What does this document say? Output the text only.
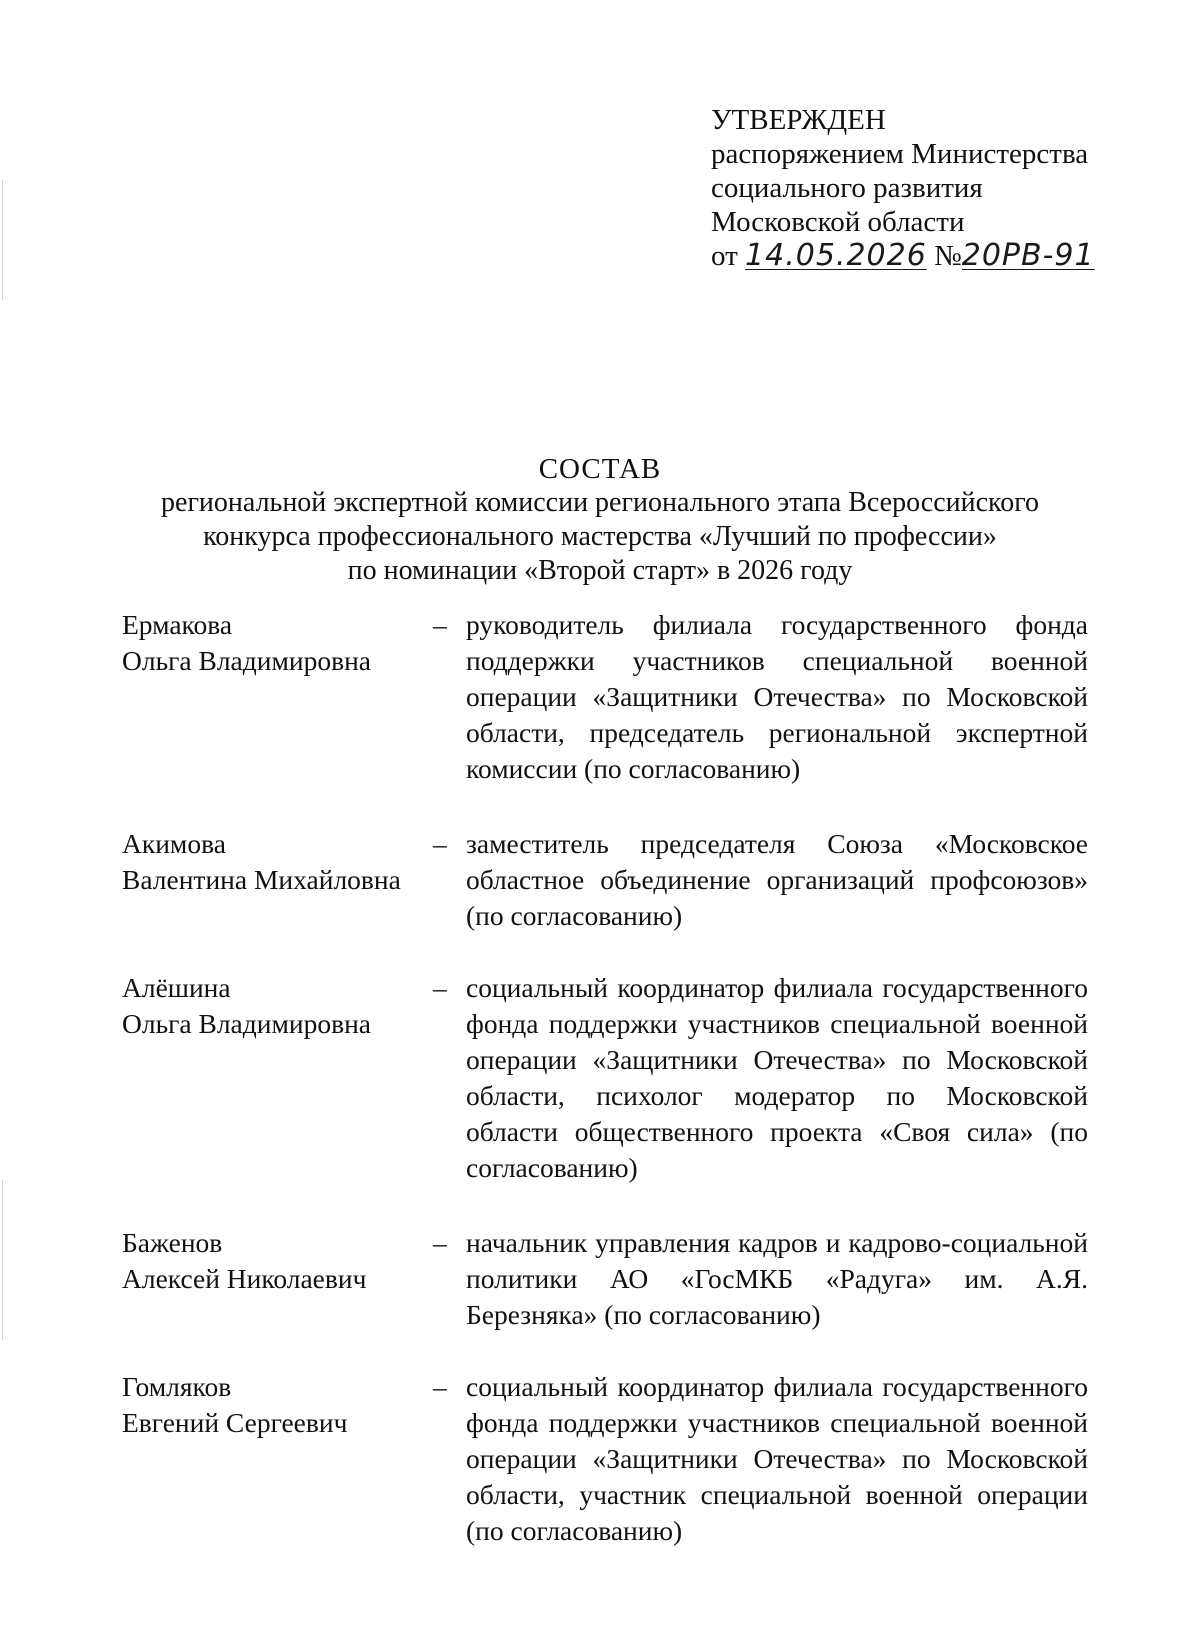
УТВЕРЖДЕН
распоряжением Министерства
социального развития
Московской области
от 14.05.2026 №20РВ-91
СОСТАВ
региональной экспертной комиссии регионального этапа Всероссийского
конкурса профессионального мастерства «Лучший по профессии»
по номинации «Второй старт» в 2026 году
Ермакова
Ольга Владимировна
– руководитель филиала государственного фонда поддержки участников специальной военной операции «Защитники Отечества» по Московской области, председатель региональной экспертной комиссии (по согласованию)
Акимова
Валентина Михайловна
– заместитель председателя Союза «Московское областное объединение организаций профсоюзов» (по согласованию)
Алёшина
Ольга Владимировна
– социальный координатор филиала государственного фонда поддержки участников специальной военной операции «Защитники Отечества» по Московской области, психолог модератор по Московской области общественного проекта «Своя сила» (по согласованию)
Баженов
Алексей Николаевич
– начальник управления кадров и кадрово-социальной политики АО «ГосМКБ «Радуга» им. А.Я. Березняка» (по согласованию)
Гомляков
Евгений Сергеевич
– социальный координатор филиала государственного фонда поддержки участников специальной военной операции «Защитники Отечества» по Московской области, участник специальной военной операции (по согласованию)
